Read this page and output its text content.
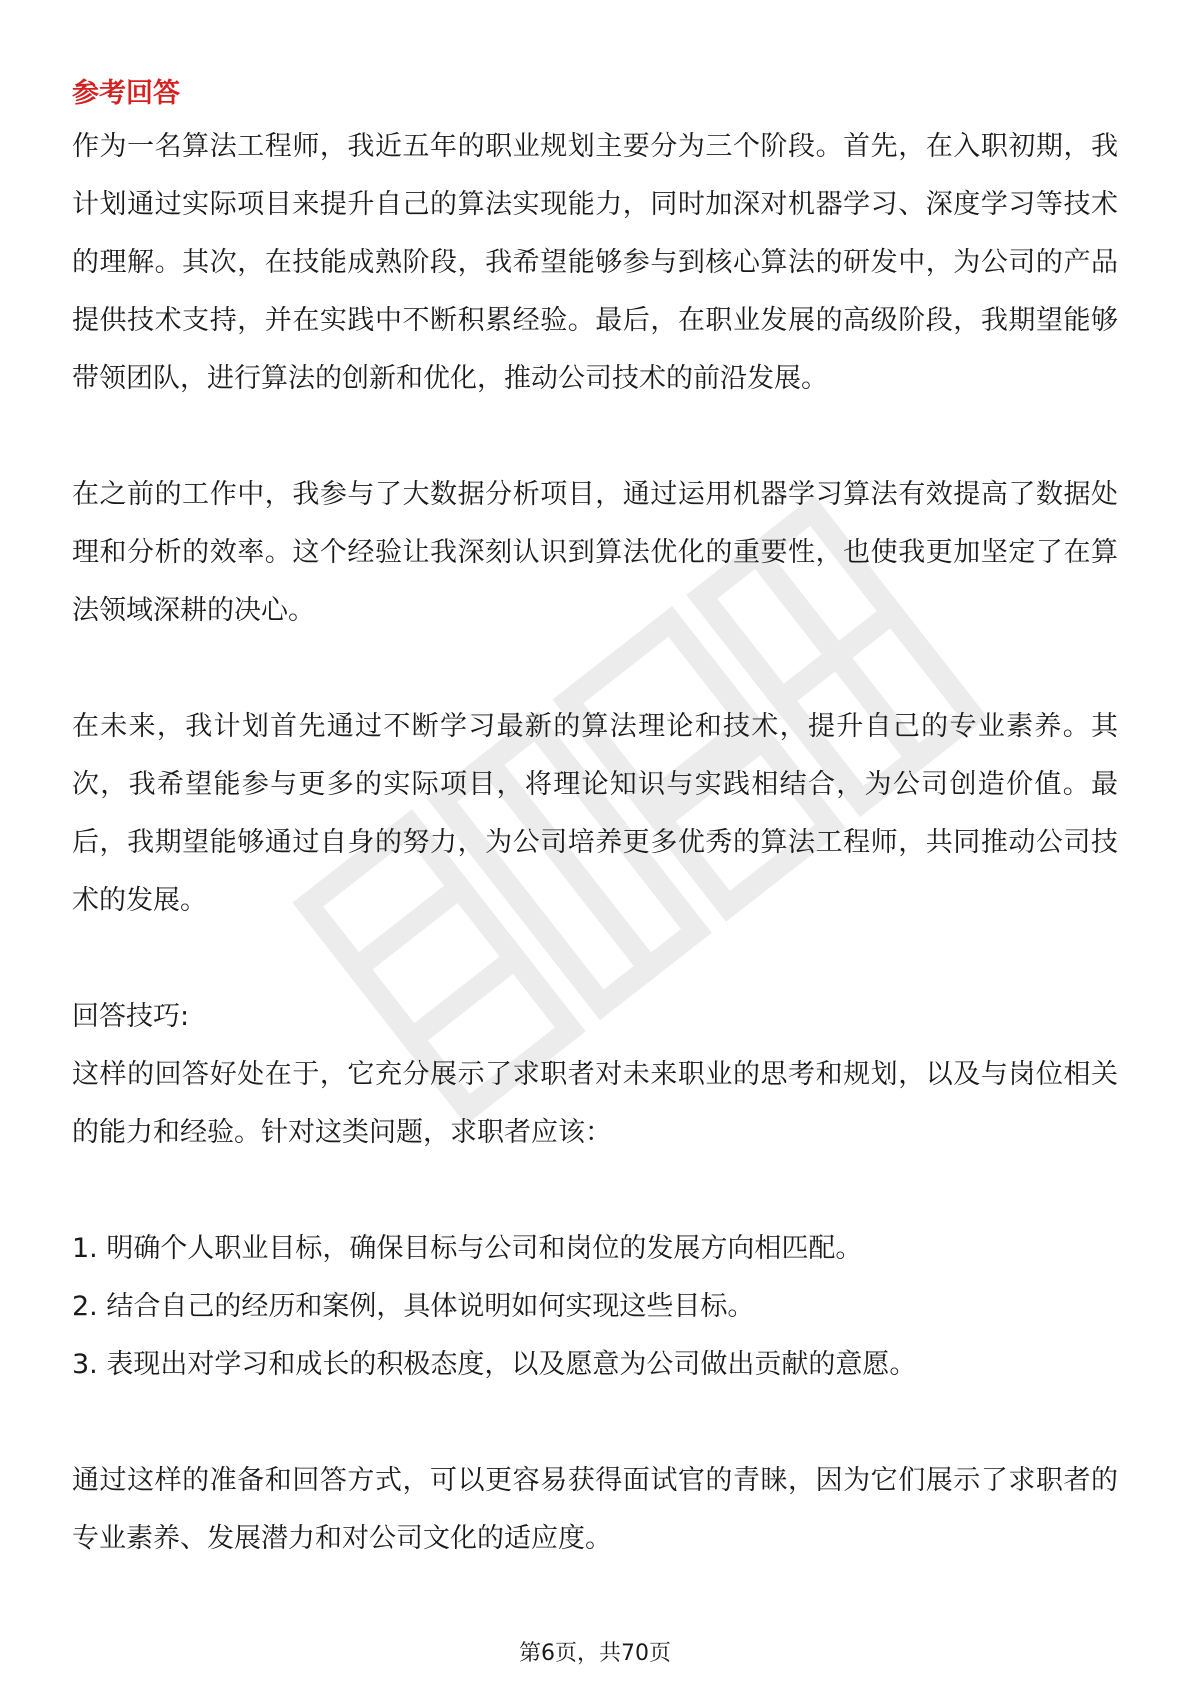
参考回答

作为一名算法工程师，我近五年的职业规划主要分为三个阶段。首先，在入职初期，我计划通过实际项目来提升自己的算法实现能力，同时加深对机器学习、深度学习等技术的理解。其次，在技能成熟阶段，我希望能够参与到核心算法的研发中，为公司的产品提供技术支持，并在实践中不断积累经验。最后，在职业发展的高级阶段，我期望能够带领团队，进行算法的创新和优化，推动公司技术的前沿发展。

在之前的工作中，我参与了大数据分析项目，通过运用机器学习算法有效提高了数据处理和分析的效率。这个经验让我深刻认识到算法优化的重要性，也使我更加坚定了在算法领域深耕的决心。

在未来，我计划首先通过不断学习最新的算法理论和技术，提升自己的专业素养。其次，我希望能参与更多的实际项目，将理论知识与实践相结合，为公司创造价值。最后，我期望能够通过自身的努力，为公司培养更多优秀的算法工程师，共同推动公司技术的发展。

回答技巧:

这样的回答好处在于，它充分展示了求职者对未来职业的思考和规划，以及与岗位相关的能力和经验。针对这类问题，求职者应该：

1. 明确个人职业目标，确保目标与公司和岗位的发展方向相匹配。

2. 结合自己的经历和案例，具体说明如何实现这些目标。

3. 表现出对学习和成长的积极态度，以及愿意为公司做出贡献的意愿。

通过这样的准备和回答方式，可以更容易获得面试官的青睐，因为它们展示了求职者的专业素养、发展潜力和对公司文化的适应度。

第6页，共70页
